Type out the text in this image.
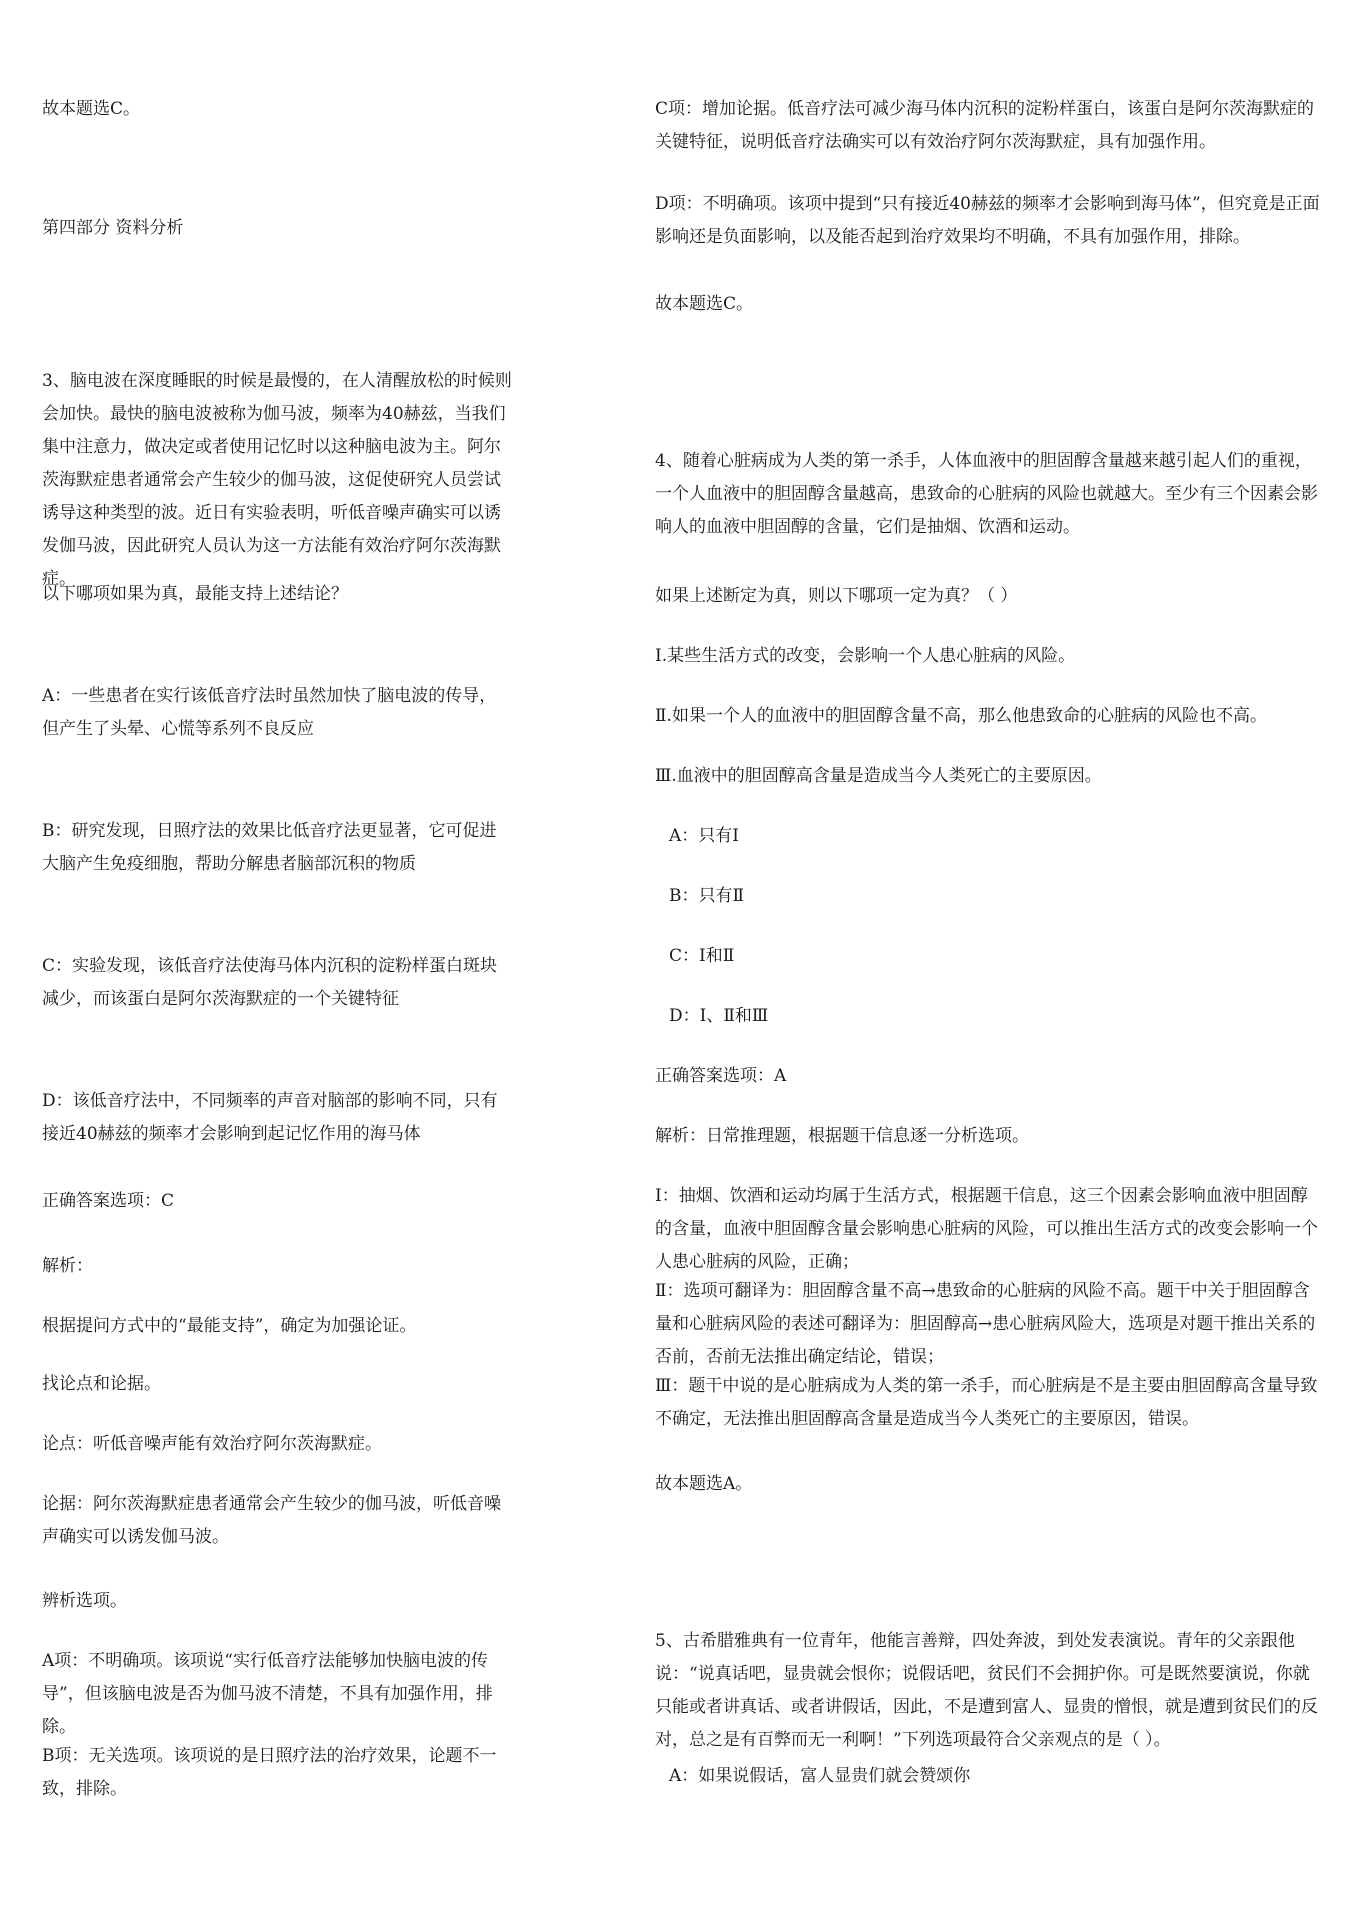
故本题选C。

第四部分 资料分析

3、脑电波在深度睡眠的时候是最慢的，在人清醒放松的时候则会加快。最快的脑电波被称为伽马波，频率为40赫兹，当我们集中注意力，做决定或者使用记忆时以这种脑电波为主。阿尔茨海默症患者通常会产生较少的伽马波，这促使研究人员尝试诱导这种类型的波。近日有实验表明，听低音噪声确实可以诱发伽马波，因此研究人员认为这一方法能有效治疗阿尔茨海默症。

以下哪项如果为真，最能支持上述结论？

A：一些患者在实行该低音疗法时虽然加快了脑电波的传导，但产生了头晕、心慌等系列不良反应

B：研究发现，日照疗法的效果比低音疗法更显著，它可促进大脑产生免疫细胞，帮助分解患者脑部沉积的物质

C：实验发现，该低音疗法使海马体内沉积的淀粉样蛋白斑块减少，而该蛋白是阿尔茨海默症的一个关键特征

D：该低音疗法中，不同频率的声音对脑部的影响不同，只有接近40赫兹的频率才会影响到起记忆作用的海马体

正确答案选项：C

解析：

根据提问方式中的“最能支持”，确定为加强论证。

找论点和论据。

论点：听低音噪声能有效治疗阿尔茨海默症。

论据：阿尔茨海默症患者通常会产生较少的伽马波，听低音噪声确实可以诱发伽马波。

辨析选项。

A项：不明确项。该项说“实行低音疗法能够加快脑电波的传导”，但该脑电波是否为伽马波不清楚，不具有加强作用，排除。

B项：无关选项。该项说的是日照疗法的治疗效果，论题不一致，排除。

C项：增加论据。低音疗法可减少海马体内沉积的淀粉样蛋白，该蛋白是阿尔茨海默症的关键特征，说明低音疗法确实可以有效治疗阿尔茨海默症，具有加强作用。

D项：不明确项。该项中提到“只有接近40赫兹的频率才会影响到海马体”，但究竟是正面影响还是负面影响，以及能否起到治疗效果均不明确，不具有加强作用，排除。

故本题选C。

4、随着心脏病成为人类的第一杀手，人体血液中的胆固醇含量越来越引起人们的重视，一个人血液中的胆固醇含量越高，患致命的心脏病的风险也就越大。至少有三个因素会影响人的血液中胆固醇的含量，它们是抽烟、饮酒和运动。

如果上述断定为真，则以下哪项一定为真？（ ）

Ⅰ.某些生活方式的改变，会影响一个人患心脏病的风险。

Ⅱ.如果一个人的血液中的胆固醇含量不高，那么他患致命的心脏病的风险也不高。

Ⅲ.血液中的胆固醇高含量是造成当今人类死亡的主要原因。

A：只有Ⅰ

B：只有Ⅱ

C：Ⅰ和Ⅱ

D：Ⅰ、Ⅱ和Ⅲ

正确答案选项：A

解析：日常推理题，根据题干信息逐一分析选项。

Ⅰ：抽烟、饮酒和运动均属于生活方式，根据题干信息，这三个因素会影响血液中胆固醇的含量，血液中胆固醇含量会影响患心脏病的风险，可以推出生活方式的改变会影响一个人患心脏病的风险，正确；

Ⅱ：选项可翻译为：胆固醇含量不高→患致命的心脏病的风险不高。题干中关于胆固醇含量和心脏病风险的表述可翻译为：胆固醇高→患心脏病风险大，选项是对题干推出关系的否前，否前无法推出确定结论，错误；

Ⅲ：题干中说的是心脏病成为人类的第一杀手，而心脏病是不是主要由胆固醇高含量导致不确定，无法推出胆固醇高含量是造成当今人类死亡的主要原因，错误。

故本题选A。

5、古希腊雅典有一位青年，他能言善辩，四处奔波，到处发表演说。青年的父亲跟他说：“说真话吧，显贵就会恨你；说假话吧，贫民们不会拥护你。可是既然要演说，你就只能或者讲真话、或者讲假话，因此，不是遭到富人、显贵的憎恨，就是遭到贫民们的反对，总之是有百弊而无一利啊！”下列选项最符合父亲观点的是（ ）。

A：如果说假话，富人显贵们就会赞颂你
